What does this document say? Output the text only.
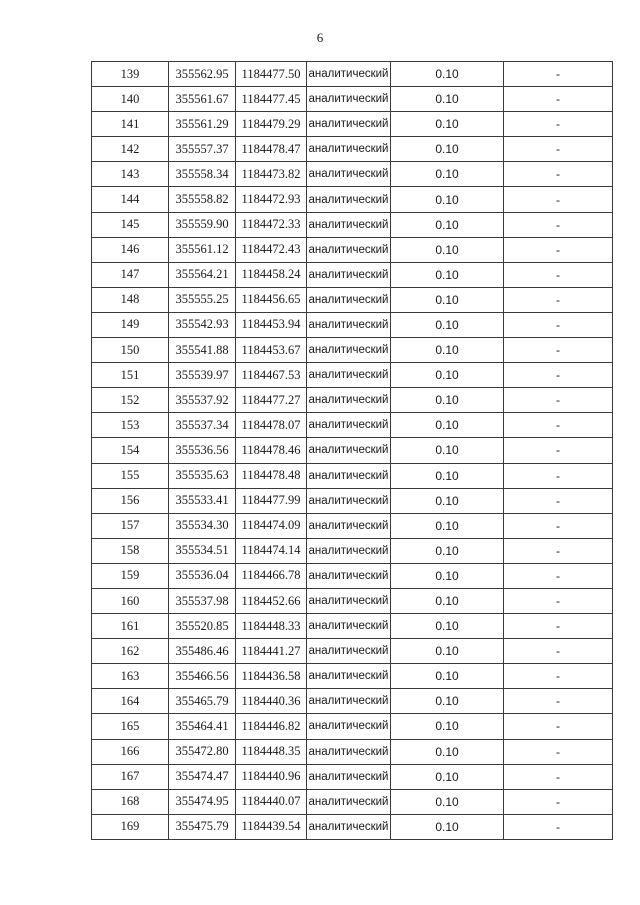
6
139	355562.95	1184477.50	аналитический	0.10	-
140	355561.67	1184477.45	аналитический	0.10	-
141	355561.29	1184479.29	аналитический	0.10	-
142	355557.37	1184478.47	аналитический	0.10	-
143	355558.34	1184473.82	аналитический	0.10	-
144	355558.82	1184472.93	аналитический	0.10	-
145	355559.90	1184472.33	аналитический	0.10	-
146	355561.12	1184472.43	аналитический	0.10	-
147	355564.21	1184458.24	аналитический	0.10	-
148	355555.25	1184456.65	аналитический	0.10	-
149	355542.93	1184453.94	аналитический	0.10	-
150	355541.88	1184453.67	аналитический	0.10	-
151	355539.97	1184467.53	аналитический	0.10	-
152	355537.92	1184477.27	аналитический	0.10	-
153	355537.34	1184478.07	аналитический	0.10	-
154	355536.56	1184478.46	аналитический	0.10	-
155	355535.63	1184478.48	аналитический	0.10	-
156	355533.41	1184477.99	аналитический	0.10	-
157	355534.30	1184474.09	аналитический	0.10	-
158	355534.51	1184474.14	аналитический	0.10	-
159	355536.04	1184466.78	аналитический	0.10	-
160	355537.98	1184452.66	аналитический	0.10	-
161	355520.85	1184448.33	аналитический	0.10	-
162	355486.46	1184441.27	аналитический	0.10	-
163	355466.56	1184436.58	аналитический	0.10	-
164	355465.79	1184440.36	аналитический	0.10	-
165	355464.41	1184446.82	аналитический	0.10	-
166	355472.80	1184448.35	аналитический	0.10	-
167	355474.47	1184440.96	аналитический	0.10	-
168	355474.95	1184440.07	аналитический	0.10	-
169	355475.79	1184439.54	аналитический	0.10	-
